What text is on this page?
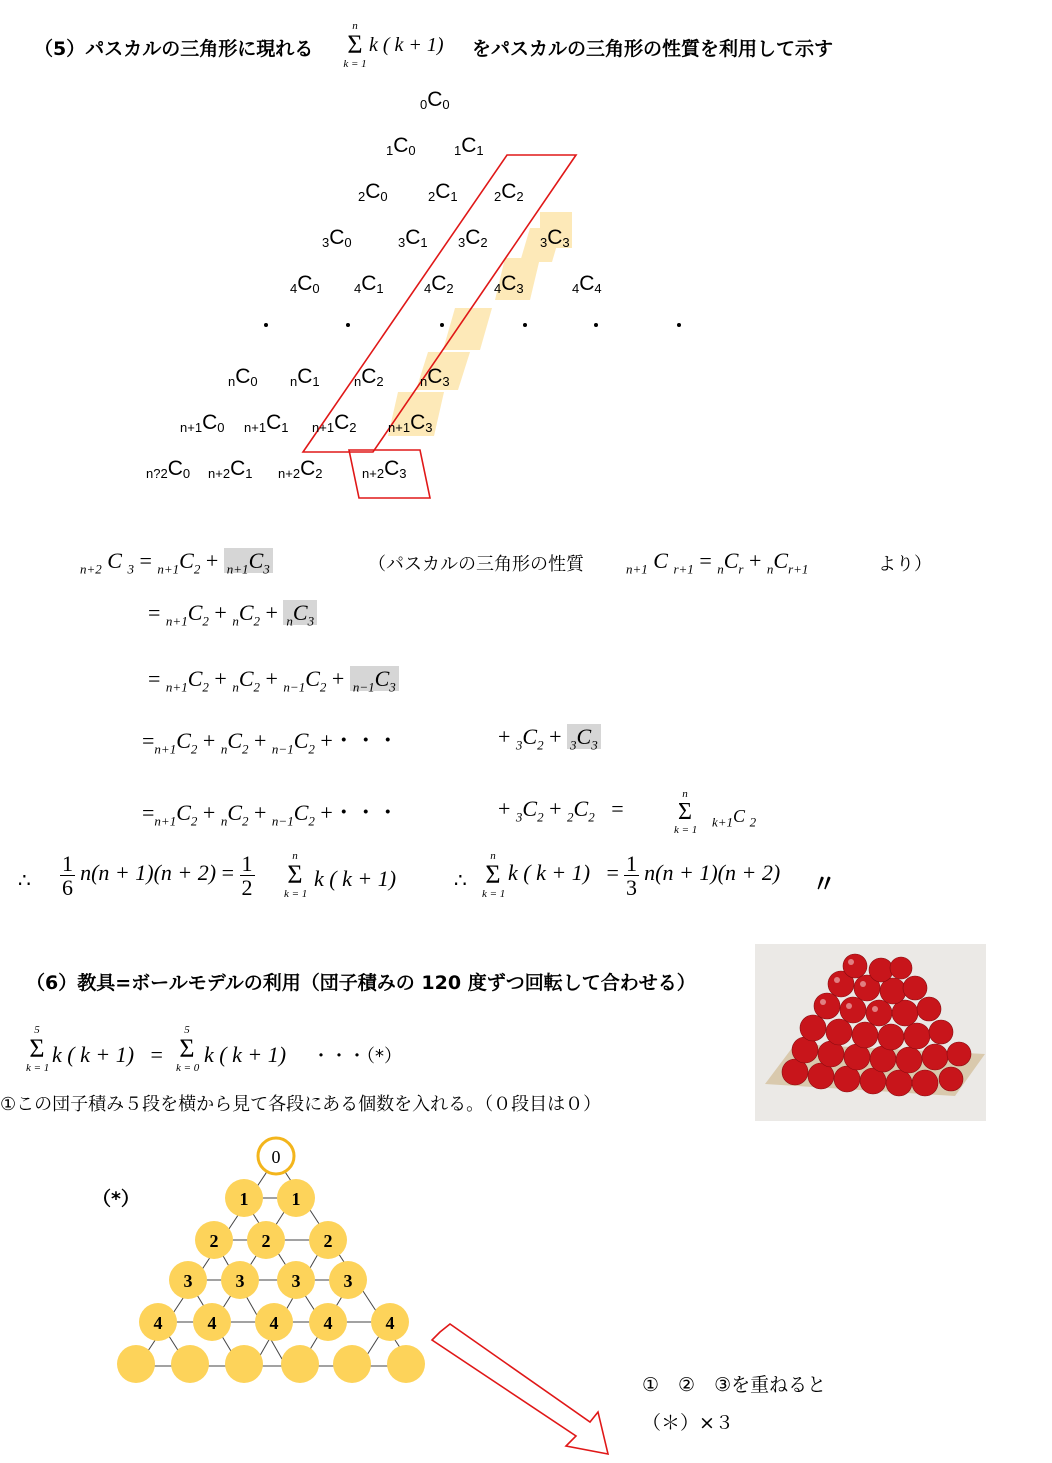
（5）パスカルの三角形に現れる
n
Σ
k = 1
k ( k + 1) をパスカルの三角形の性質を利用して示す
$_0C_0$
$_1C_0$	$_1C_1$
$_2C_0$	$_2C_1$	$_2C_2$
$_3C_0$	$_3C_1$ $_3C_2$	$_3C_3$
$_4C_0$	$_4C_1$	$_4C_2$	$_4C_3$	$_4C_4$
$_nC_0$ $_nC_1$	$_nC_2$	$_nC_3$
$_{n+1}C_0$ $_{n+1}C_1$ $_{n+1}C_2$ $_{n+1}C_3$
$_{n?2}C_0$ $_{n+2}C_1$ $_{n+2}C_2$	$_{n+2}C_3$
$_{n+2}$ C $_3 = _{n+1}C_2 + _{n+1}C_3$	（パスカルの三角形の性質	$_{n+1}$ C $_{r+1} = _nC_r + _nC_{r+1}$	より）
= $_{n+1}C_2 + _nC_2 + _nC_3$
= $_{n+1}C_2 + _nC_2 + _{n-1}C_2 + _{n-1}C_3$
$=_{n+1}C_2 + _nC_2 + _{n-1}C_2$ +・・・	+ $_3C_2 + _3C_3$
$=_{n+1}C_2 + _nC_2 + _{n-1}C_2$ +・・・	+ $_3C_2 + _2C_2$ =
n
Σ
k = 1
$_{k+1}$C $_2$
∴ $\frac{1}{6} n(n + 1)(n + 2) = \frac{1}{2}$	n
Σ
k = 1
k ( k + 1)	∴
n
Σ
k = 1
k ( $k + 1) = \frac{1}{3} n(n + 1)(n + 2)$ 〃
（6）教具=ボールモデルの利用（団子積みの 120 度ずつ回転して合わせる）
5
Σ
k = 1
k ( k + 1)   =
5
Σ
k = 0
k ( k + 1) ・・・（*）
①この団子積み５段を横から見て各段にある個数を入れる。（０段目は０）
（*）
0
1 1
2 2	2
3 3	3 3
4	4	4	4	4
①　②　③を重ねると
（＊）×３
